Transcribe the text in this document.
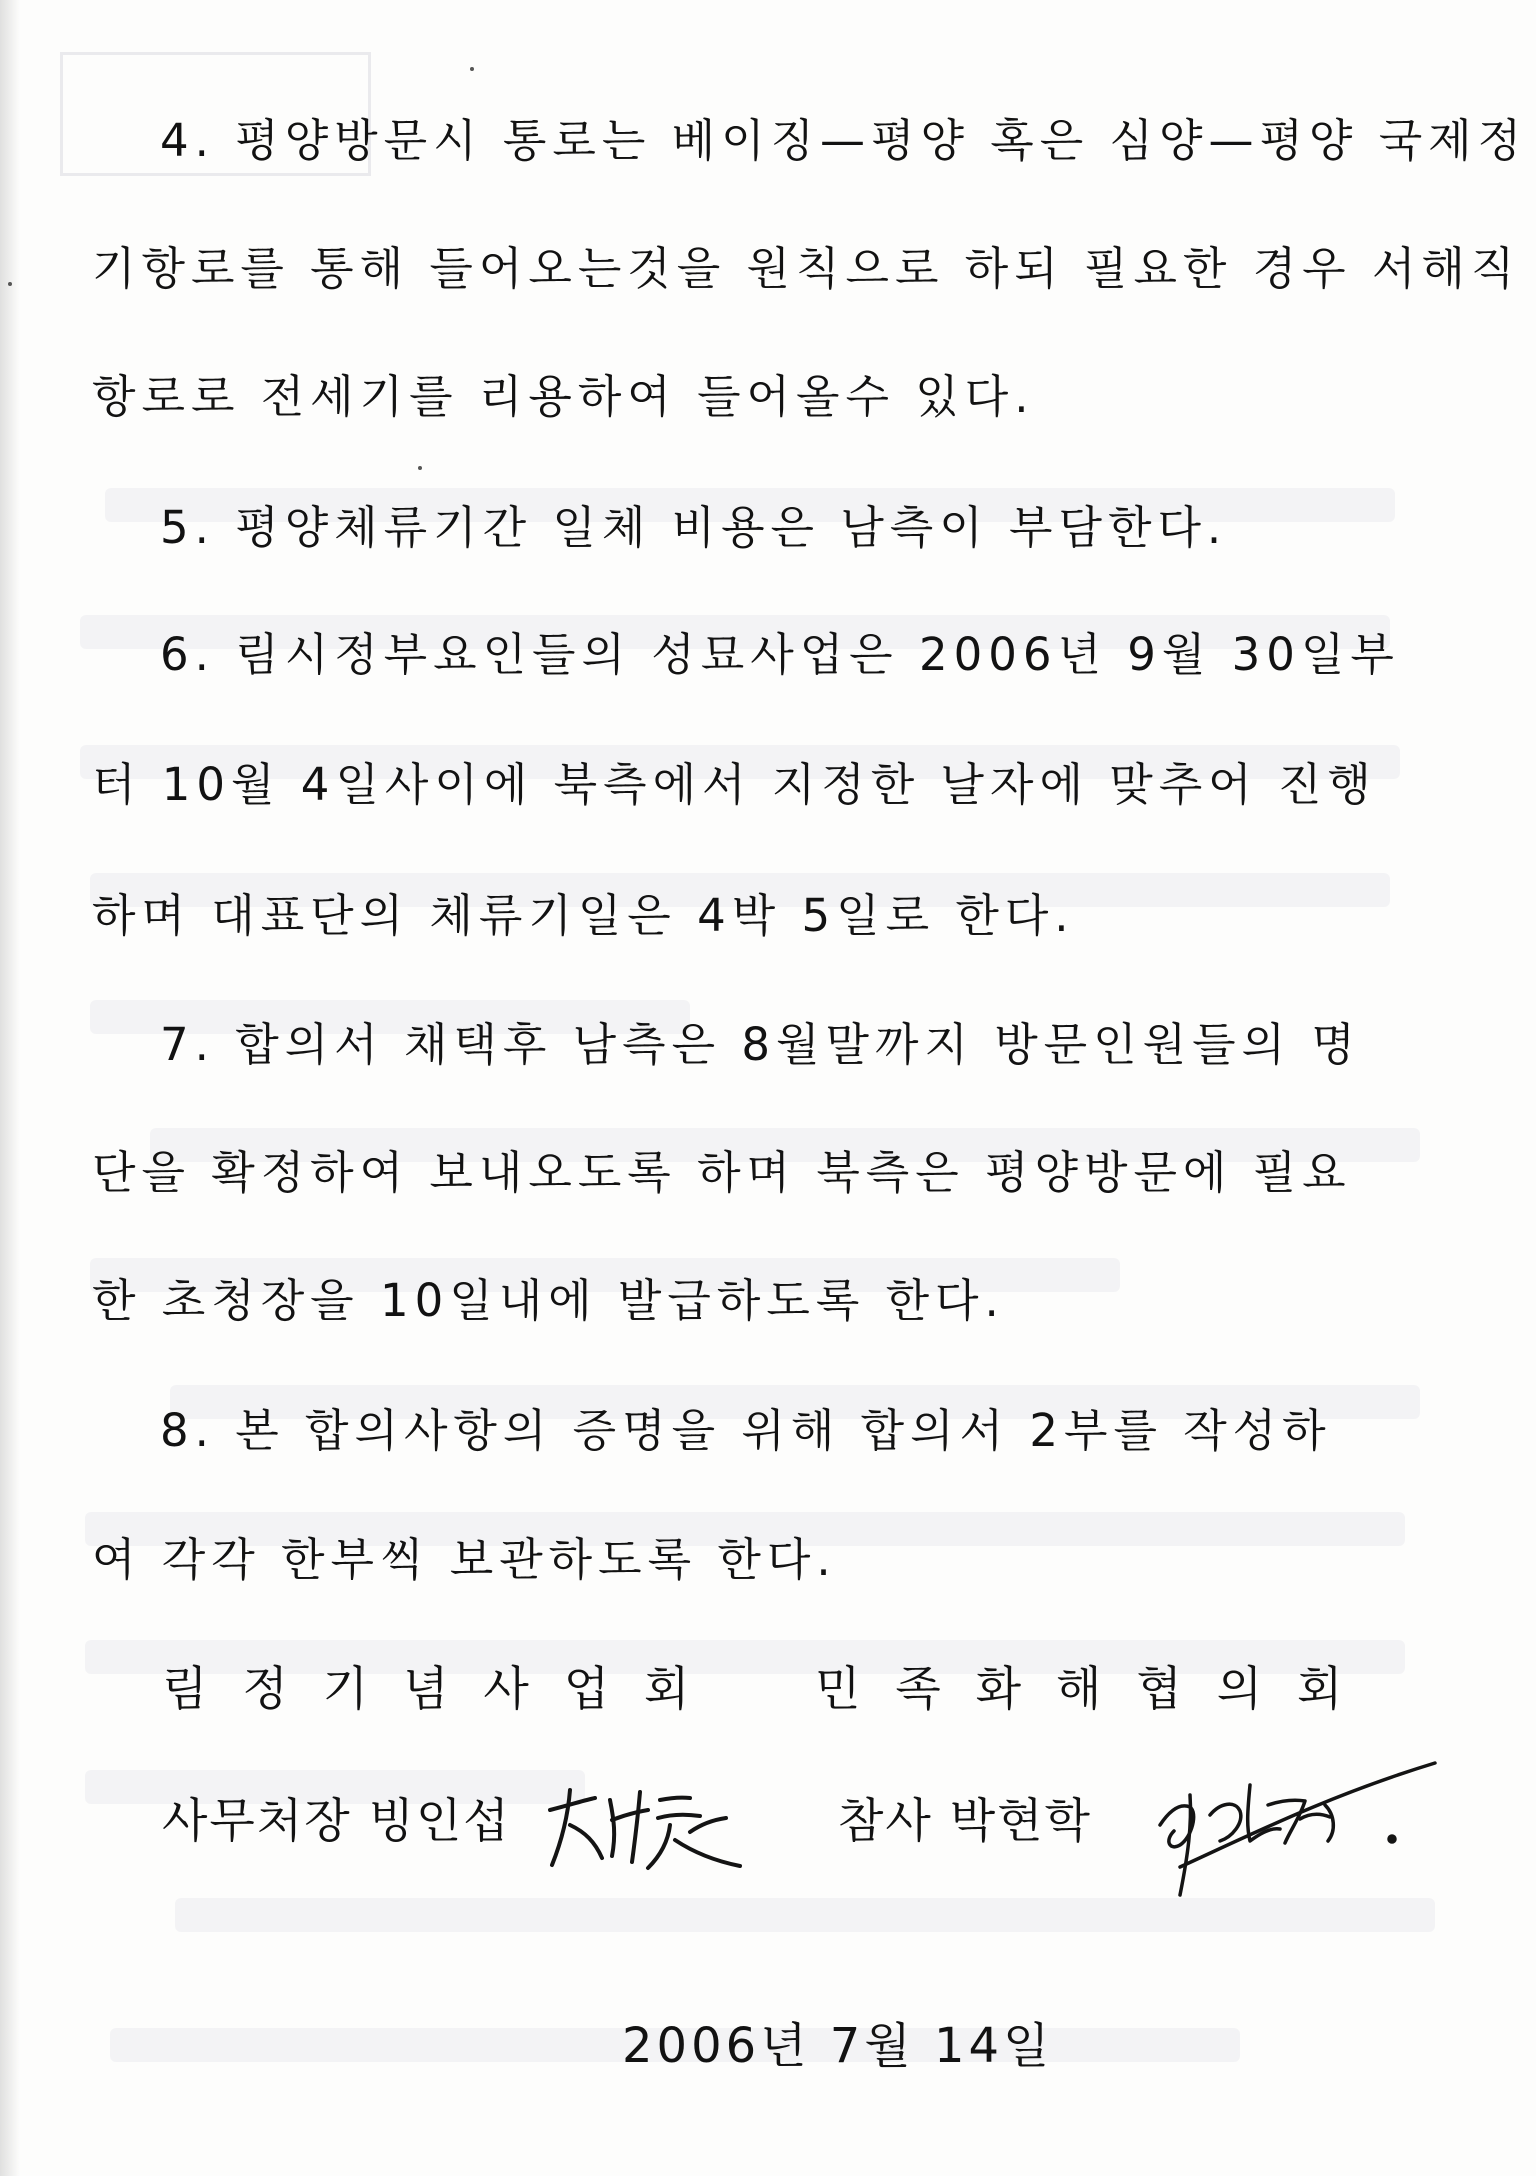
4. 평양방문시 통로는 베이징—평양 혹은 심양—평양 국제정
기항로를 통해 들어오는것을 원칙으로 하되 필요한 경우 서해직
항로로 전세기를 리용하여 들어올수 있다.
5. 평양체류기간 일체 비용은 남측이 부담한다.
6. 림시정부요인들의 성묘사업은 2006년 9월 30일부
터 10월 4일사이에 북측에서 지정한 날자에 맞추어 진행
하며 대표단의 체류기일은 4박 5일로 한다.
7. 합의서 채택후 남측은 8월말까지 방문인원들의 명
단을 확정하여 보내오도록 하며 북측은 평양방문에 필요
한 초청장을 10일내에 발급하도록 한다.
8. 본 합의사항의 증명을 위해 합의서 2부를 작성하
여 각각 한부씩 보관하도록 한다.
림 정 기 념 사 업 회 민 족 화 해 협 의 회
사무처장 빙인섭	참사 박현학
2006년 7월 14일
